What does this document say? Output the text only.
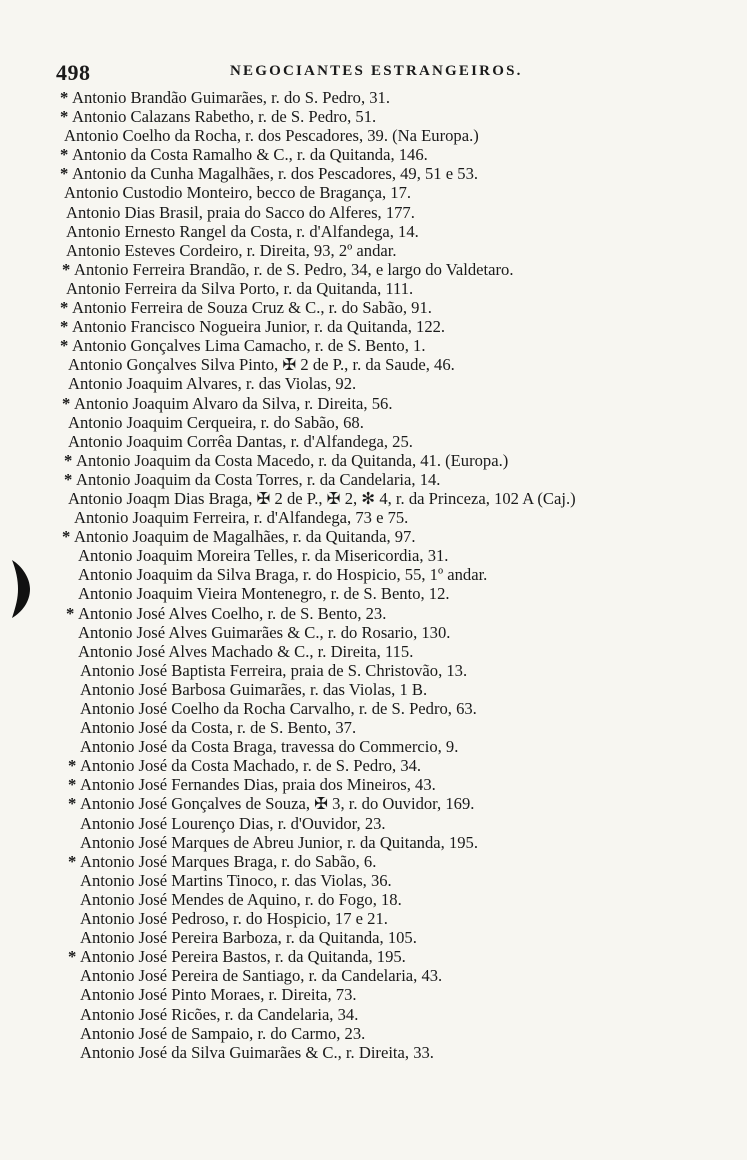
498	NEGOCIANTES ESTRANGEIROS.
* Antonio Brandão Guimarães, r. do S. Pedro, 31.
* Antonio Calazans Rabetho, r. de S. Pedro, 51.
Antonio Coelho da Rocha, r. dos Pescadores, 39. (Na Europa.)
* Antonio da Costa Ramalho & C., r. da Quitanda, 146.
* Antonio da Cunha Magalhães, r. dos Pescadores, 49, 51 e 53.
Antonio Custodio Monteiro, becco de Bragança, 17.
Antonio Dias Brasil, praia do Sacco do Alferes, 177.
Antonio Ernesto Rangel da Costa, r. d'Alfandega, 14.
Antonio Esteves Cordeiro, r. Direita, 93, 2º andar.
* Antonio Ferreira Brandão, r. de S. Pedro, 34, e largo do Valdetaro.
Antonio Ferreira da Silva Porto, r. da Quitanda, 111.
* Antonio Ferreira de Souza Cruz & C., r. do Sabão, 91.
* Antonio Francisco Nogueira Junior, r. da Quitanda, 122.
* Antonio Gonçalves Lima Camacho, r. de S. Bento, 1.
Antonio Gonçalves Silva Pinto, ✠ 2 de P., r. da Saude, 46.
Antonio Joaquim Alvares, r. das Violas, 92.
* Antonio Joaquim Alvaro da Silva, r. Direita, 56.
Antonio Joaquim Cerqueira, r. do Sabão, 68.
Antonio Joaquim Corrêa Dantas, r. d'Alfandega, 25.
* Antonio Joaquim da Costa Macedo, r. da Quitanda, 41. (Europa.)
* Antonio Joaquim da Costa Torres, r. da Candelaria, 14.
Antonio Joaqm Dias Braga, ✠ 2 de P., ✠ 2, ✻ 4, r. da Princeza, 102 A (Caj.)
Antonio Joaquim Ferreira, r. d'Alfandega, 73 e 75.
* Antonio Joaquim de Magalhães, r. da Quitanda, 97.
Antonio Joaquim Moreira Telles, r. da Misericordia, 31.
Antonio Joaquim da Silva Braga, r. do Hospicio, 55, 1º andar.
Antonio Joaquim Vieira Montenegro, r. de S. Bento, 12.
* Antonio José Alves Coelho, r. de S. Bento, 23.
Antonio José Alves Guimarães & C., r. do Rosario, 130.
Antonio José Alves Machado & C., r. Direita, 115.
Antonio José Baptista Ferreira, praia de S. Christovão, 13.
Antonio José Barbosa Guimarães, r. das Violas, 1 B.
Antonio José Coelho da Rocha Carvalho, r. de S. Pedro, 63.
Antonio José da Costa, r. de S. Bento, 37.
Antonio José da Costa Braga, travessa do Commercio, 9.
* Antonio José da Costa Machado, r. de S. Pedro, 34.
* Antonio José Fernandes Dias, praia dos Mineiros, 43.
* Antonio José Gonçalves de Souza, ✠ 3, r. do Ouvidor, 169.
Antonio José Lourenço Dias, r. d'Ouvidor, 23.
Antonio José Marques de Abreu Junior, r. da Quitanda, 195.
* Antonio José Marques Braga, r. do Sabão, 6.
Antonio José Martins Tinoco, r. das Violas, 36.
Antonio José Mendes de Aquino, r. do Fogo, 18.
Antonio José Pedroso, r. do Hospicio, 17 e 21.
Antonio José Pereira Barboza, r. da Quitanda, 105.
* Antonio José Pereira Bastos, r. da Quitanda, 195.
Antonio José Pereira de Santiago, r. da Candelaria, 43.
Antonio José Pinto Moraes, r. Direita, 73.
Antonio José Ricões, r. da Candelaria, 34.
Antonio José de Sampaio, r. do Carmo, 23.
Antonio José da Silva Guimarães & C., r. Direita, 33.
